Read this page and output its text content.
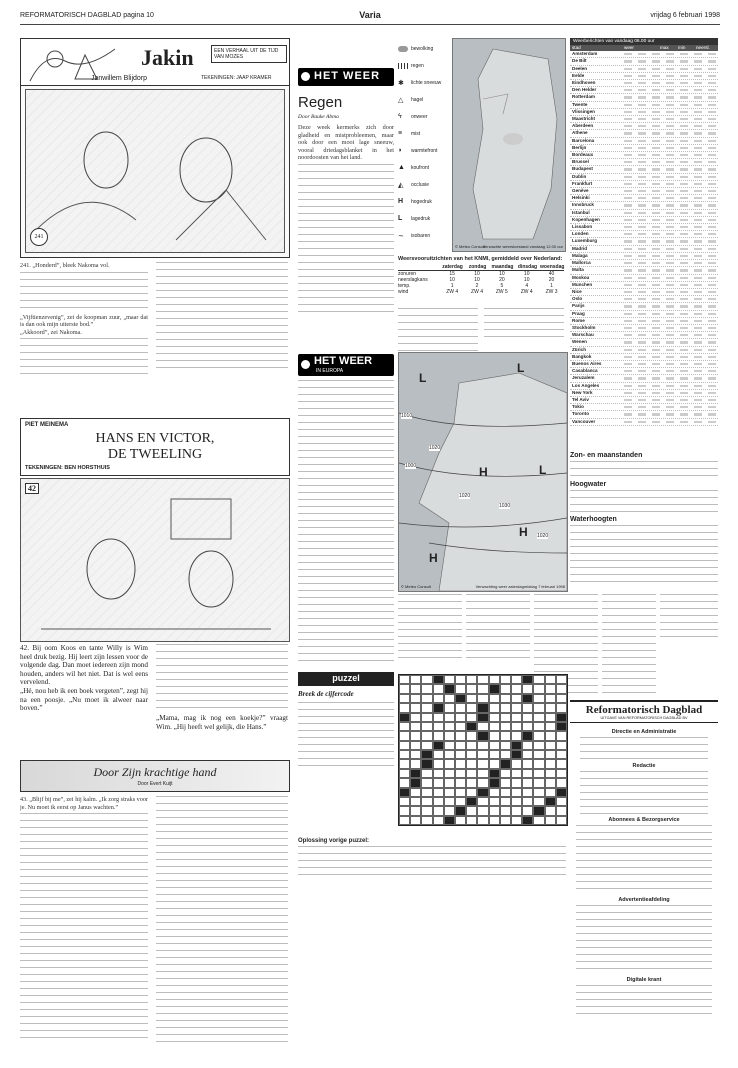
REFORMATORISCH DAGBLAD pagina 10	Varia	vrijdag 6 februari 1998
Jakin	EEN VERHAAL UIT DE TIJD VAN MOZES
Janwillem Blijdorp	TEKENINGEN: JAAP KRAMER
241
241. „Honderd”, bleek Nakoma vol.
„Vijftienzevenig”, zei de koopman zuur, „maar dat is dan ook mijn uiterste bod.”
„Akkoord”, zei Nakoma.
PIET MEINEMA
HANS EN VICTOR,
DE TWEELING
TEKENINGEN: BEN HORSTHUIS
42
42. Bij oom Koos en tante Willy is Wim heel druk bezig. Hij leert zijn lessen voor de volgende dag. Dan moet iedereen zijn mond houden, anders wil het niet. Dat is wel eens vervelend.
„Hé, nou heb ik een boek vergeten”, zegt hij na een poosje. „Nu moet ik alweer naar boven.”
„Mama, mag ik nog een koekje?” vraagt Wim. „Hij heeft wel gelijk, die Hans.”
Door Zijn krachtige hand
Door Evert Kuijt
43. „Blijf bij me”, zei hij kalm. „Ik zorg straks voor je. Nu moet ik eerst op Janus wachten.”
HET WEER
Regen
Door Bauke Abma
Deze week kermerks zich door gladheid en mistprobleemen, maar ook door een mooi lage sneeuw, vooral driedagsblanket in het noordoosten van het land.
bewolking
regen
✱	lichte sneeuw
△	hagel
ϟ	onweer
≡	mist
◗	warmtefront
▲	koufront
◭	occlusie
H	hogedruk
L	lagedruk
∼	isobaren
© Meteo Consult
Verwachte weerstoestand vandaag 12.00 uur
Weersvooruitzichten van het KNMI, gemiddeld over Nederland:
zaterdag	zondag	maandag dinsdag woensdag
zonuren	15	10	10	10	40
neerslagkans	10	10	20	10	20
temp.	1	2	5	4	1
wind	ZW 4	ZW 4	ZW 5	ZW 4	ZW 3
Weerberichten van vandaag 06.00 uur
stad	weer	max	min	neersl.
Amsterdam
De Bilt
Deelen
Eelde
Eindhoven
Den Helder
Rotterdam
Twente
Vlissingen
Maastricht
Aberdeen
Athene
Barcelona
Berlijn
Bordeaux
Brussel
Budapest
Dublin
Frankfurt
Genève
Helsinki
Innsbruck
Istanbul
Kopenhagen
Lissabon
Londen
Luxemburg
Madrid
Malaga
Mallorca
Malta
Moskou
Munchen
Nice
Oslo
Parijs
Praag
Rome
Stockholm
Warschau
Wenen
Zürich
Bangkok
Buenos Aires
Casablanca
Jeruzalem
Los Angeles
New York
Tel Aviv
Tokio
Toronto
Vancouver
HET WEER
IN EUROPA	L
L
L
H
H
H
1020
1010
1020
1030
1020
1000
© Meteo Consult	Verwachting weer zaterdagmiddag 7 februari 1998
Zon- en maanstanden
Hoogwater
Waterhoogten
puzzel
Breek de cijfercode
Oplossing vorige puzzel:
Reformatorisch Dagblad
UITGAVE VAN REFORMATORISCH DAGBLAD BV
Directie en Administratie
Redactie
Abonnees & Bezorgservice
Advertentieafdeling
Digitale krant
